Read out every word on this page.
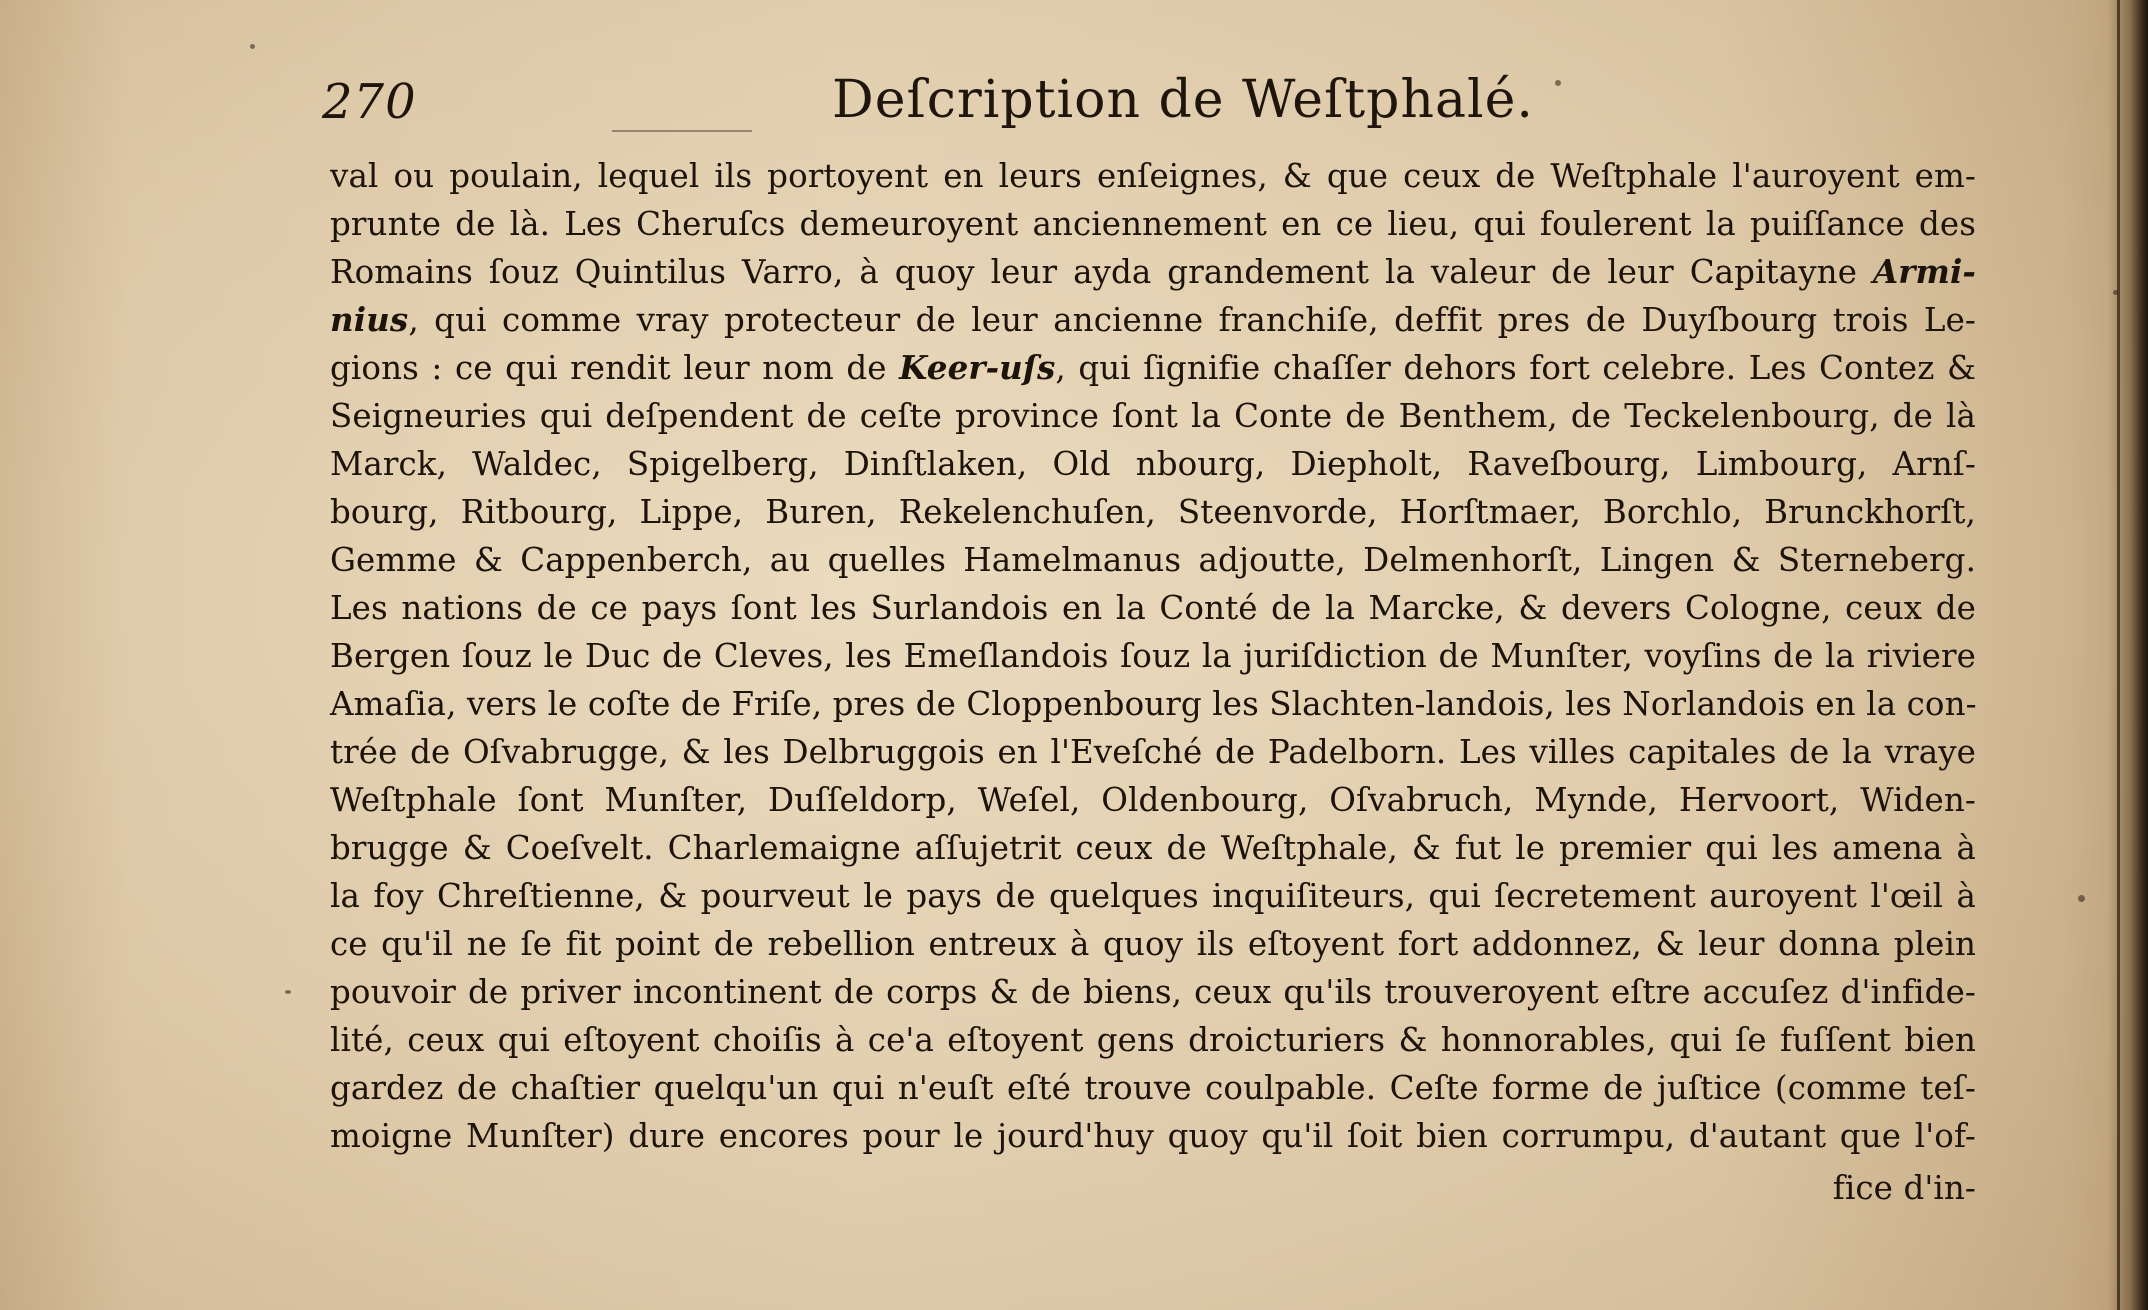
270	Deſcription de Weſtphalé.
val ou poulain, lequel ils portoyent en leurs enſeignes, & que ceux de Weſtphale l'auroyent em-
prunte de là. Les Cheruſcs demeuroyent anciennement en ce lieu, qui foulerent la puiſſance des
Romains ſouz Quintilus Varro, à quoy leur ayda grandement la valeur de leur Capitayne Armi-
nius, qui comme vray protecteur de leur ancienne franchiſe, deffit pres de Duyſbourg trois Le-
gions : ce qui rendit leur nom de Keer-uſs, qui ſignifie chaſſer dehors fort celebre. Les Contez &
Seigneuries qui deſpendent de ceſte province ſont la Conte de Benthem, de Teckelenbourg, de là
Marck, Waldec, Spigelberg, Dinſtlaken, Old nbourg, Diepholt, Raveſbourg, Limbourg, Arnſ-
bourg, Ritbourg, Lippe, Buren, Rekelenchuſen, Steenvorde, Horſtmaer, Borchlo, Brunckhorſt,
Gemme & Cappenberch, au quelles Hamelmanus adjoutte, Delmenhorſt, Lingen & Sterneberg.
Les nations de ce pays ſont les Surlandois en la Conté de la Marcke, & devers Cologne, ceux de
Bergen ſouz le Duc de Cleves, les Emeſlandois ſouz la juriſdiction de Munſter, voyſins de la riviere
Amaſia, vers le coſte de Friſe, pres de Cloppenbourg les Slachten-landois, les Norlandois en la con-
trée de Oſvabrugge, & les Delbruggois en l'Eveſché de Padelborn. Les villes capitales de la vraye
Weſtphale ſont Munſter, Duſſeldorp, Weſel, Oldenbourg, Oſvabruch, Mynde, Hervoort, Widen-
brugge & Coeſvelt. Charlemaigne aſſujetrit ceux de Weſtphale, & fut le premier qui les amena à
la foy Chreſtienne, & pourveut le pays de quelques inquiſiteurs, qui ſecretement auroyent l'œil à
ce qu'il ne ſe fit point de rebellion entreux à quoy ils eſtoyent fort addonnez, & leur donna plein
pouvoir de priver incontinent de corps & de biens, ceux qu'ils trouveroyent eſtre accuſez d'infide-
lité, ceux qui eſtoyent choiſis à ce'a eſtoyent gens droicturiers & honnorables, qui ſe fuſſent bien
gardez de chaſtier quelqu'un qui n'euſt eſté trouve coulpable. Ceſte forme de juſtice (comme teſ-
moigne Munſter) dure encores pour le jourd'huy quoy qu'il ſoit bien corrumpu, d'autant que l'of-
fice d'in-
